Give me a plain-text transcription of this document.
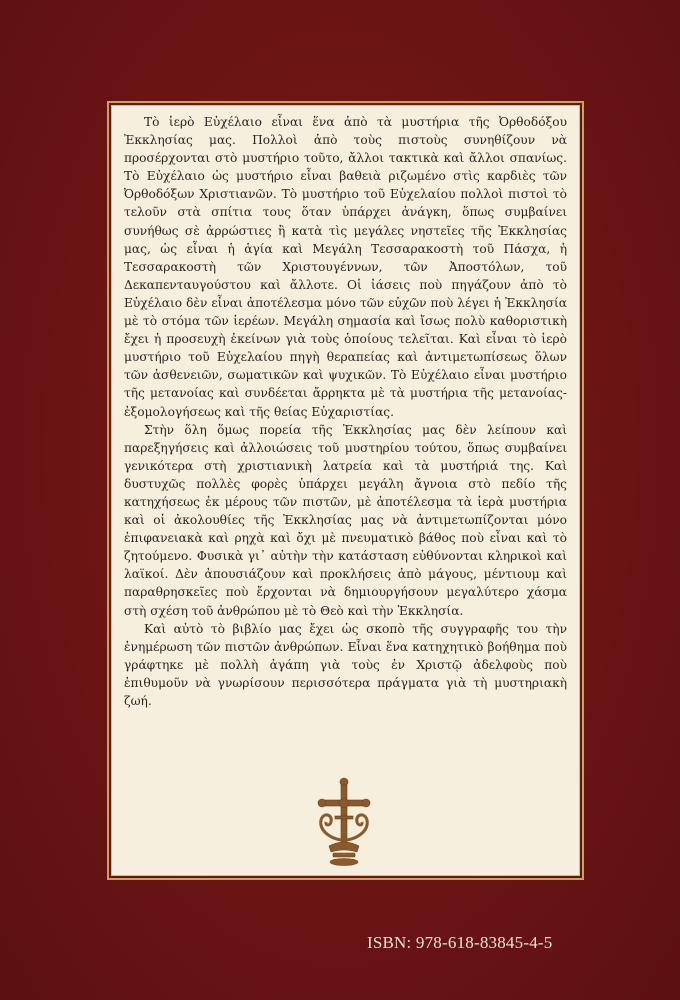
Τὸ ἱερὸ Εὐχέλαιο εἶναι ἕνα ἀπὸ τὰ μυστήρια τῆς Ὀρθοδόξου Ἐκκλησίας μας. Πολλοὶ ἀπὸ τοὺς πιστοὺς συνηθίζουν νὰ προσέρχονται στὸ μυστήριο τοῦτο, ἄλλοι τακτικὰ καὶ ἄλλοι σπανίως. Τὸ Εὐχέλαιο ὡς μυστήριο εἶναι βαθειὰ ριζωμένο στὶς καρδιὲς τῶν Ὀρθοδόξων Χριστιανῶν. Τὸ μυστήριο τοῦ Εὐχελαίου πολλοὶ πιστοὶ τὸ τελοῦν στὰ σπίτια τους ὅταν ὑπάρχει ἀνάγκη, ὅπως συμβαίνει συνήθως σὲ ἀρρώστιες ἢ κατὰ τὶς μεγάλες νηστεῖες τῆς Ἐκκλησίας μας, ὡς εἶναι ἡ ἁγία καὶ Μεγάλη Τεσσαρακοστὴ τοῦ Πάσχα, ἡ Τεσσαρακοστὴ τῶν Χριστουγέννων, τῶν Ἀποστόλων, τοῦ Δεκαπενταυγούστου καὶ ἄλλοτε. Οἱ ἰάσεις ποὺ πηγάζουν ἀπὸ τὸ Εὐχέλαιο δὲν εἶναι ἀποτέλεσμα μόνο τῶν εὐχῶν ποὺ λέγει ἡ Ἐκκλησία μὲ τὸ στόμα τῶν ἱερέων. Μεγάλη σημασία καὶ ἴσως πολὺ καθοριστικὴ ἔχει ἡ προσευχὴ ἐκείνων γιὰ τοὺς ὁποίους τελεῖται. Καὶ εἶναι τὸ ἱερὸ μυστήριο τοῦ Εὐχελαίου πηγὴ θεραπείας καὶ ἀντιμετωπίσεως ὅλων τῶν ἀσθενειῶν, σωματικῶν καὶ ψυχικῶν. Τὸ Εὐχέλαιο εἶναι μυστήριο τῆς μετανοίας καὶ συνδέεται ἄρρηκτα μὲ τὰ μυστήρια τῆς μετανοίας-ἐξομολογήσεως καὶ τῆς θείας Εὐχαριστίας.

Στὴν ὅλη ὅμως πορεία τῆς Ἐκκλησίας μας δὲν λείπουν καὶ παρεξηγήσεις καὶ ἀλλοιώσεις τοῦ μυστηρίου τούτου, ὅπως συμβαίνει γενικότερα στὴ χριστιανικὴ λατρεία καὶ τὰ μυστήριά της. Καὶ δυστυχῶς πολλὲς φορὲς ὑπάρχει μεγάλη ἄγνοια στὸ πεδίο τῆς κατηχήσεως ἐκ μέρους τῶν πιστῶν, μὲ ἀποτέλεσμα τὰ ἱερὰ μυστήρια καὶ οἱ ἀκολουθίες τῆς Ἐκκλησίας μας νὰ ἀντιμετωπίζονται μόνο ἐπιφανειακὰ καὶ ρηχὰ καὶ ὄχι μὲ πνευματικὸ βάθος ποὺ εἶναι καὶ τὸ ζητούμενο. Φυσικὰ γι᾽ αὐτὴν τὴν κατάσταση εὐθύνονται κληρικοὶ καὶ λαϊκοί. Δὲν ἀπουσιάζουν καὶ προκλήσεις ἀπὸ μάγους, μέντιουμ καὶ παραθρησκεῖες ποὺ ἔρχονται νὰ δημιουργήσουν μεγαλύτερο χάσμα στὴ σχέση τοῦ ἀνθρώπου μὲ τὸ Θεὸ καὶ τὴν Ἐκκλησία.

Καὶ αὐτὸ τὸ βιβλίο μας ἔχει ὡς σκοπὸ τῆς συγγραφῆς του τὴν ἐνημέρωση τῶν πιστῶν ἀνθρώπων. Εἶναι ἕνα κατηχητικὸ βοήθημα ποὺ γράφτηκε μὲ πολλὴ ἀγάπη γιὰ τοὺς ἐν Χριστῷ ἀδελφοὺς ποὺ ἐπιθυμοῦν νὰ γνωρίσουν περισσότερα πράγματα γιὰ τὴ μυστηριακὴ ζωή.

ISBN: 978-618-83845-4-5
